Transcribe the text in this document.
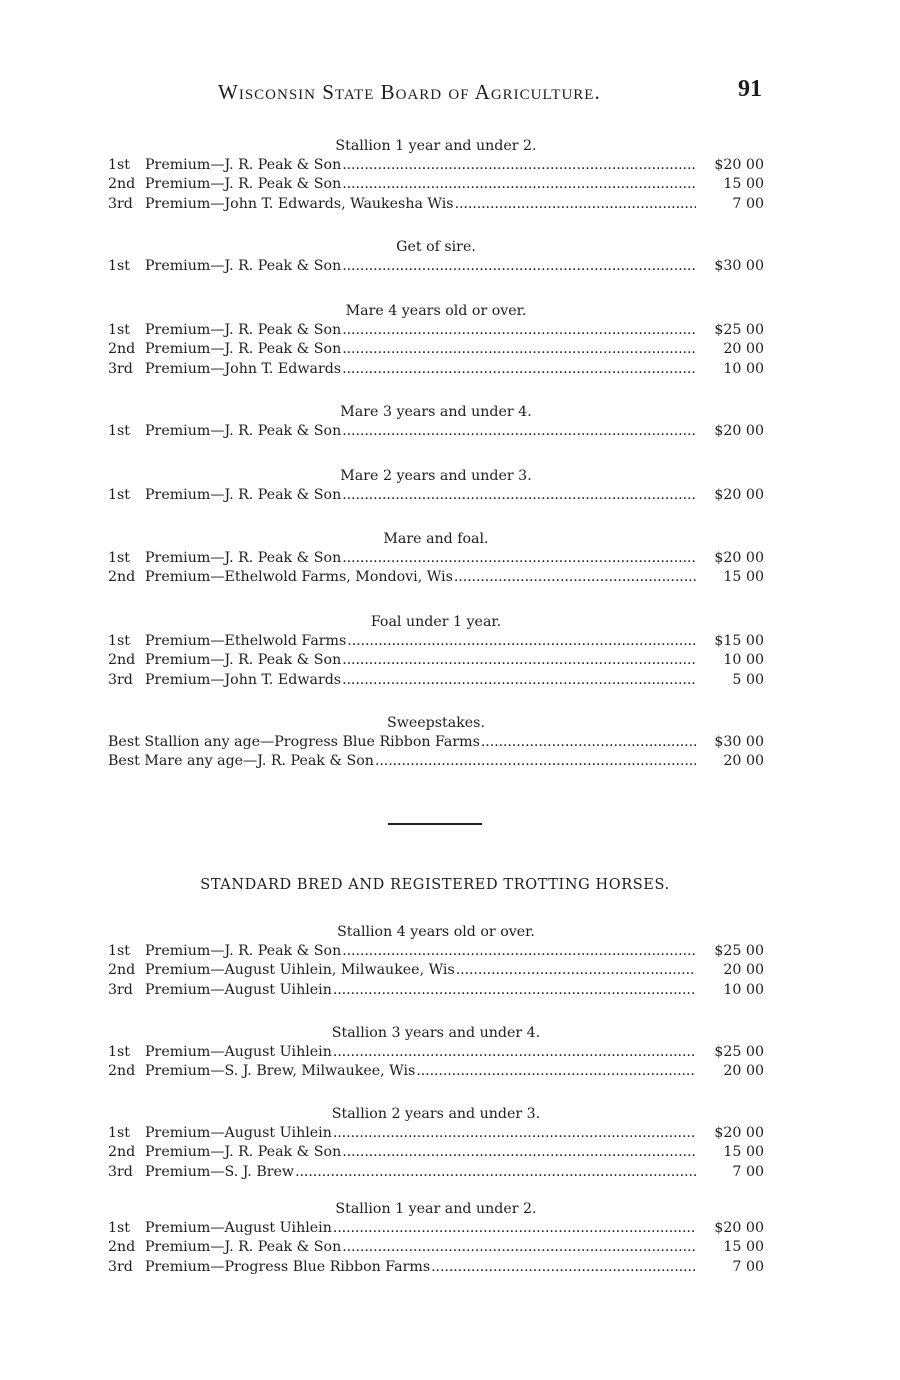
Wisconsin State Board of Agriculture.	91
STANDARD BRED AND REGISTERED TROTTING HORSES.
Stallion 1 year and under 2.
1st	Premium—J. R. Peak & Son . . .	$20 00
2nd Premium—J. R. Peak & Son . . .	15 00
3rd Premium—John T. Edwards, Waukesha Wis . . .	7 00
Get of sire.
1st	Premium—J. R. Peak & Son . . .	$30 00
Mare 4 years old or over.
1st	Premium—J. R. Peak & Son . . .	$25 00
2nd Premium—J. R. Peak & Son . . .	20 00
3rd Premium—John T. Edwards . . .	10 00
Mare 3 years and under 4.
1st	Premium—J. R. Peak & Son . . .	$20 00
Mare 2 years and under 3.
1st	Premium—J. R. Peak & Son . . .	$20 00
Mare and foal.
1st	Premium—J. R. Peak & Son . . .	$20 00
2nd Premium—Ethelwold Farms, Mondovi, Wis . . .	15 00
Foal under 1 year.
1st	Premium—Ethelwold Farms . . .	$15 00
2nd Premium—J. R. Peak & Son . . .	10 00
3rd Premium—John T. Edwards . . .	5 00
Sweepstakes.
Best Stallion any age—Progress Blue Ribbon Farms . . .	$30 00
Best Mare any age—J. R. Peak & Son . . .	20 00
Stallion 4 years old or over.
1st	Premium—J. R. Peak & Son . . .	$25 00
2nd Premium—August Uihlein, Milwaukee, Wis . . .	20 00
3rd Premium—August Uihlein . . .	10 00
Stallion 3 years and under 4.
1st	Premium—August Uihlein . . .	$25 00
2nd Premium—S. J. Brew, Milwaukee, Wis . . .	20 00
Stallion 2 years and under 3.
1st	Premium—August Uihlein . . .	$20 00
2nd Premium—J. R. Peak & Son . . .	15 00
3rd Premium—S. J. Brew . . .	7 00
Stallion 1 year and under 2.
1st	Premium—August Uihlein . . .	$20 00
2nd Premium—J. R. Peak & Son . . .	15 00
3rd Premium—Progress Blue Ribbon Farms . . .	7 00
